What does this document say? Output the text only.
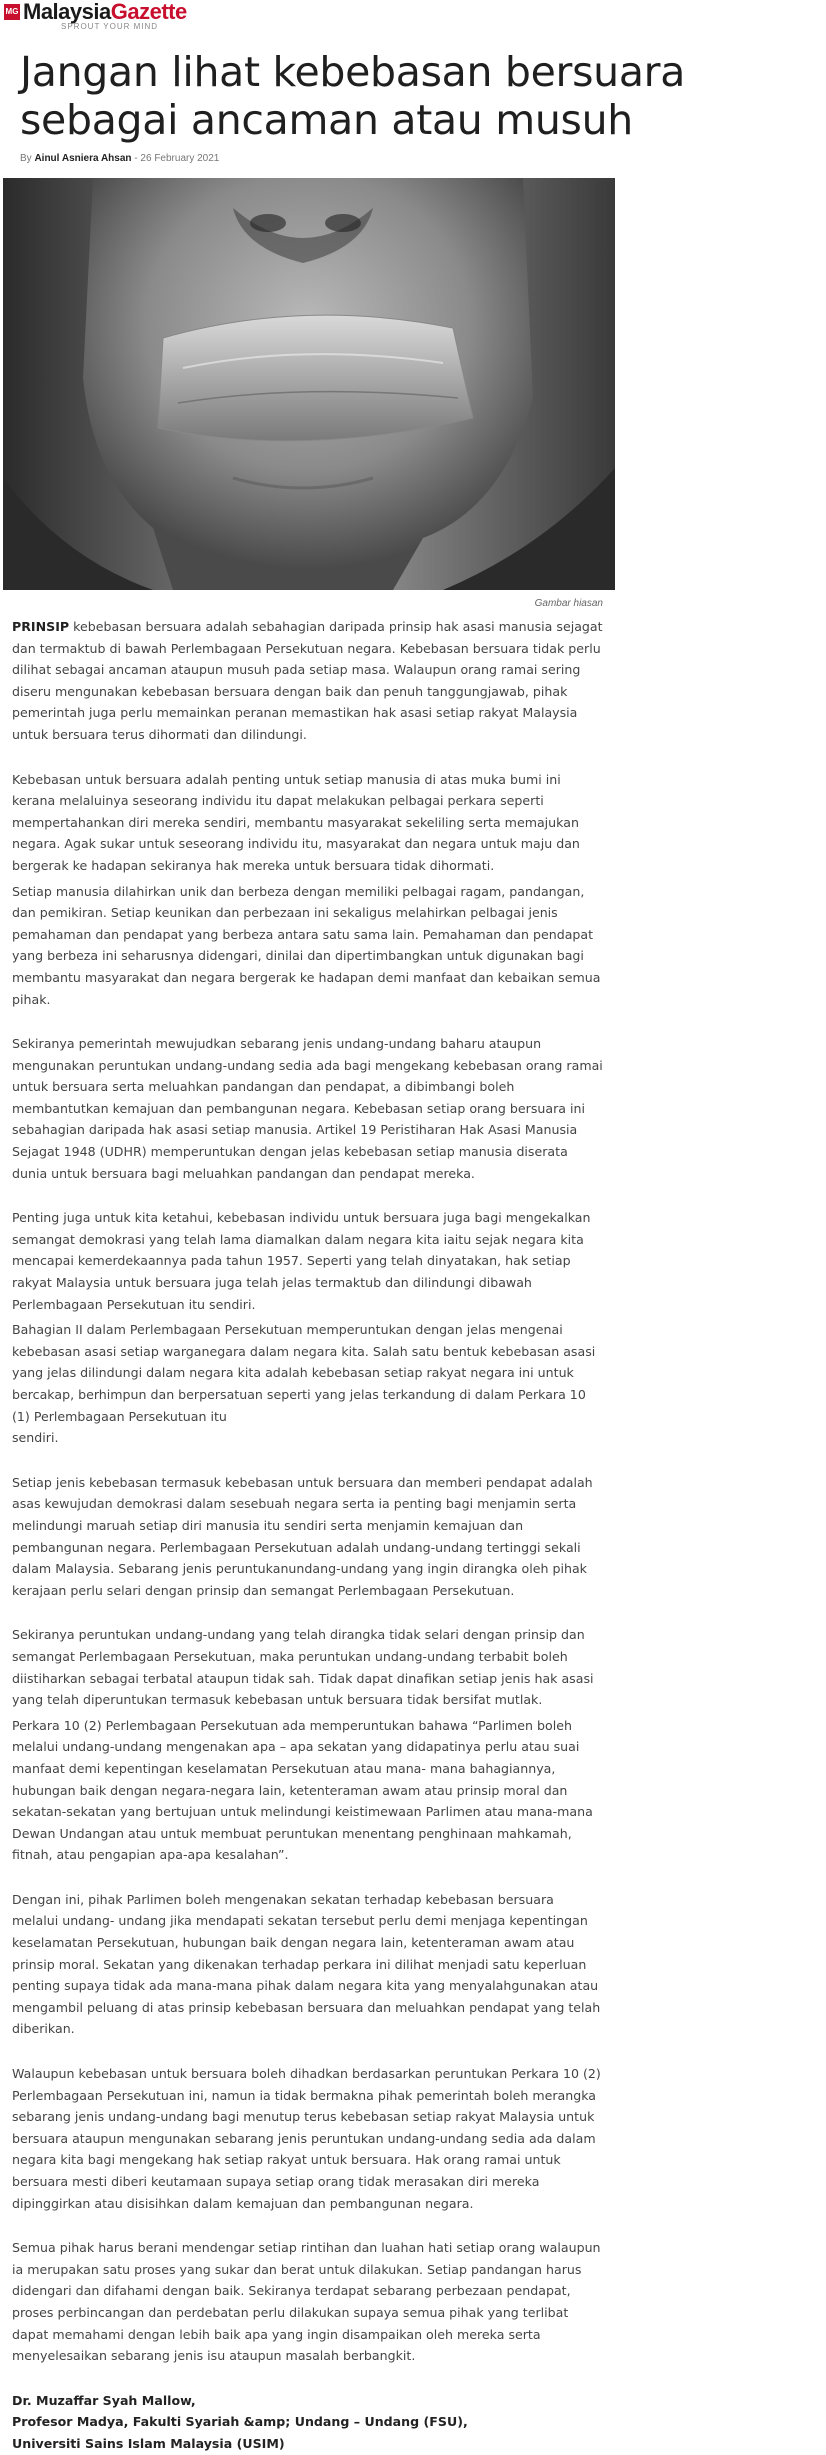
MG MalaysiaGazette
SPROUT YOUR MIND
Jangan lihat kebebasan bersuara sebagai ancaman atau musuh
By Ainul Asniera Ahsan - 26 February 2021
Gambar hiasan

PRINSIP kebebasan bersuara adalah sebahagian daripada prinsip hak asasi manusia sejagat dan termaktub di bawah Perlembagaan Persekutuan negara. Kebebasan bersuara tidak perlu dilihat sebagai ancaman ataupun musuh pada setiap masa. Walaupun orang ramai sering diseru mengunakan kebebasan bersuara dengan baik dan penuh tanggungjawab, pihak pemerintah juga perlu memainkan peranan memastikan hak asasi setiap rakyat Malaysia untuk bersuara terus dihormati dan dilindungi.

Kebebasan untuk bersuara adalah penting untuk setiap manusia di atas muka bumi ini kerana melaluinya seseorang individu itu dapat melakukan pelbagai perkara seperti mempertahankan diri mereka sendiri, membantu masyarakat sekeliling serta memajukan negara. Agak sukar untuk seseorang individu itu, masyarakat dan negara untuk maju dan bergerak ke hadapan sekiranya hak mereka untuk bersuara tidak dihormati.

Setiap manusia dilahirkan unik dan berbeza dengan memiliki pelbagai ragam, pandangan, dan pemikiran. Setiap keunikan dan perbezaan ini sekaligus melahirkan pelbagai jenis pemahaman dan pendapat yang berbeza antara satu sama lain. Pemahaman dan pendapat yang berbeza ini seharusnya didengari, dinilai dan dipertimbangkan untuk digunakan bagi membantu masyarakat dan negara bergerak ke hadapan demi manfaat dan kebaikan semua pihak.

Sekiranya pemerintah mewujudkan sebarang jenis undang-undang baharu ataupun mengunakan peruntukan undang-undang sedia ada bagi mengekang kebebasan orang ramai untuk bersuara serta meluahkan pandangan dan pendapat, a dibimbangi boleh membantutkan kemajuan dan pembangunan negara. Kebebasan setiap orang bersuara ini sebahagian daripada hak asasi setiap manusia. Artikel 19 Peristiharan Hak Asasi Manusia Sejagat 1948 (UDHR) memperuntukan dengan jelas kebebasan setiap manusia diserata dunia untuk bersuara bagi meluahkan pandangan dan pendapat mereka.

Penting juga untuk kita ketahui, kebebasan individu untuk bersuara juga bagi mengekalkan semangat demokrasi yang telah lama diamalkan dalam negara kita iaitu sejak negara kita mencapai kemerdekaannya pada tahun 1957. Seperti yang telah dinyatakan, hak setiap rakyat Malaysia untuk bersuara juga telah jelas termaktub dan dilindungi dibawah Perlembagaan Persekutuan itu sendiri.

Bahagian II dalam Perlembagaan Persekutuan memperuntukan dengan jelas mengenai kebebasan asasi setiap warganegara dalam negara kita. Salah satu bentuk kebebasan asasi yang jelas dilindungi dalam negara kita adalah kebebasan setiap rakyat negara ini untuk bercakap, berhimpun dan berpersatuan seperti yang jelas terkandung di dalam Perkara 10 (1) Perlembagaan Persekutuan itu
sendiri.

Setiap jenis kebebasan termasuk kebebasan untuk bersuara dan memberi pendapat adalah asas kewujudan demokrasi dalam sesebuah negara serta ia penting bagi menjamin serta melindungi maruah setiap diri manusia itu sendiri serta menjamin kemajuan dan pembangunan negara. Perlembagaan Persekutuan adalah undang-undang tertinggi sekali dalam Malaysia. Sebarang jenis peruntukanundang-undang yang ingin dirangka oleh pihak kerajaan perlu selari dengan prinsip dan semangat Perlembagaan Persekutuan.

Sekiranya peruntukan undang-undang yang telah dirangka tidak selari dengan prinsip dan semangat Perlembagaan Persekutuan, maka peruntukan undang-undang terbabit boleh diistiharkan sebagai terbatal ataupun tidak sah. Tidak dapat dinafikan setiap jenis hak asasi yang telah diperuntukan termasuk kebebasan untuk bersuara tidak bersifat mutlak.

Perkara 10 (2) Perlembagaan Persekutuan ada memperuntukan bahawa “Parlimen boleh melalui undang-undang mengenakan apa – apa sekatan yang didapatinya perlu atau suai manfaat demi kepentingan keselamatan Persekutuan atau mana- mana bahagiannya, hubungan baik dengan negara-negara lain, ketenteraman awam atau prinsip moral dan sekatan-sekatan yang bertujuan untuk melindungi keistimewaan Parlimen atau mana-mana Dewan Undangan atau untuk membuat peruntukan menentang penghinaan mahkamah, fitnah, atau pengapian apa-apa kesalahan”.

Dengan ini, pihak Parlimen boleh mengenakan sekatan terhadap kebebasan bersuara melalui undang- undang jika mendapati sekatan tersebut perlu demi menjaga kepentingan keselamatan Persekutuan, hubungan baik dengan negara lain, ketenteraman awam atau prinsip moral. Sekatan yang dikenakan terhadap perkara ini dilihat menjadi satu keperluan penting supaya tidak ada mana-mana pihak dalam negara kita yang menyalahgunakan atau mengambil peluang di atas prinsip kebebasan bersuara dan meluahkan pendapat yang telah diberikan.

Walaupun kebebasan untuk bersuara boleh dihadkan berdasarkan peruntukan Perkara 10 (2) Perlembagaan Persekutuan ini, namun ia tidak bermakna pihak pemerintah boleh merangka sebarang jenis undang-undang bagi menutup terus kebebasan setiap rakyat Malaysia untuk bersuara ataupun mengunakan sebarang jenis peruntukan undang-undang sedia ada dalam negara kita bagi mengekang hak setiap rakyat untuk bersuara. Hak orang ramai untuk bersuara mesti diberi keutamaan supaya setiap orang tidak merasakan diri mereka dipinggirkan atau disisihkan dalam kemajuan dan pembangunan negara.

Semua pihak harus berani mendengar setiap rintihan dan luahan hati setiap orang walaupun ia merupakan satu proses yang sukar dan berat untuk dilakukan. Setiap pandangan harus didengari dan difahami dengan baik. Sekiranya terdapat sebarang perbezaan pendapat, proses perbincangan dan perdebatan perlu dilakukan supaya semua pihak yang terlibat dapat memahami dengan lebih baik apa yang ingin disampaikan oleh mereka serta menyelesaikan sebarang jenis isu ataupun masalah berbangkit.

Dr. Muzaffar Syah Mallow,
Profesor Madya, Fakulti Syariah &amp; Undang – Undang (FSU),
Universiti Sains Islam Malaysia (USIM)
